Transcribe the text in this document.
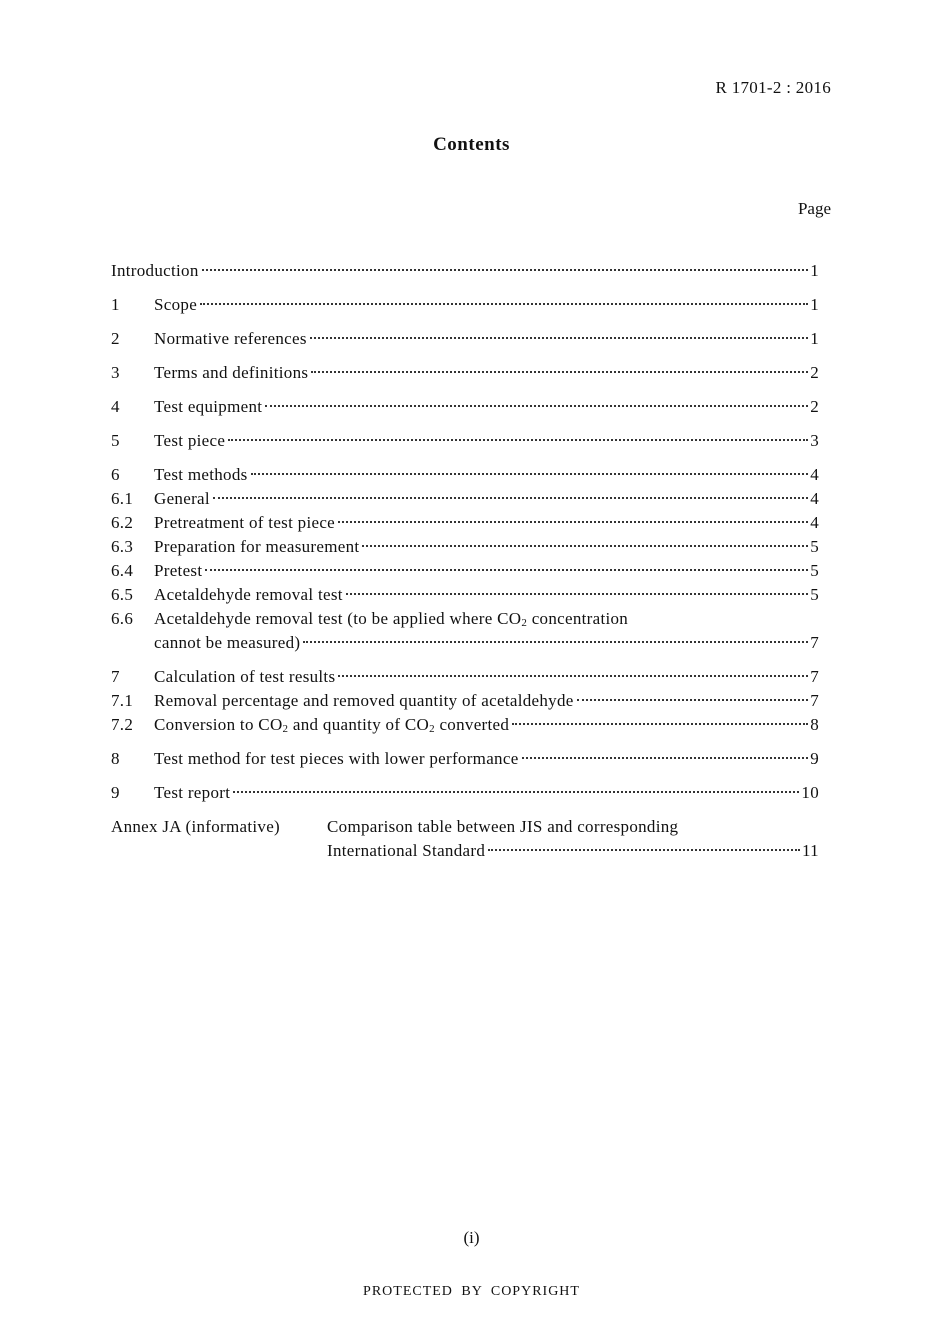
R 1701-2 : 2016
Contents
Page
Introduction	1
1	Scope	1
2	Normative references	1
3	Terms and definitions	2
4	Test equipment	2
5	Test piece	3
6	Test methods	4
6.1	General	4
6.2	Pretreatment of test piece	4
6.3	Preparation for measurement	5
6.4	Pretest	5
6.5	Acetaldehyde removal test	5
6.6	Acetaldehyde removal test (to be applied where $CO_2$ concentration
cannot be measured)	7
7	Calculation of test results	7
7.1	Removal percentage and removed quantity of acetaldehyde	7
7.2	Conversion to $CO_2$ and quantity of $CO_2$ converted	8
8	Test method for test pieces with lower performance	9
9	Test report	10
Annex JA (informative)	Comparison table between JIS and corresponding
International Standard	11
(i)
PROTECTED BY COPYRIGHT
